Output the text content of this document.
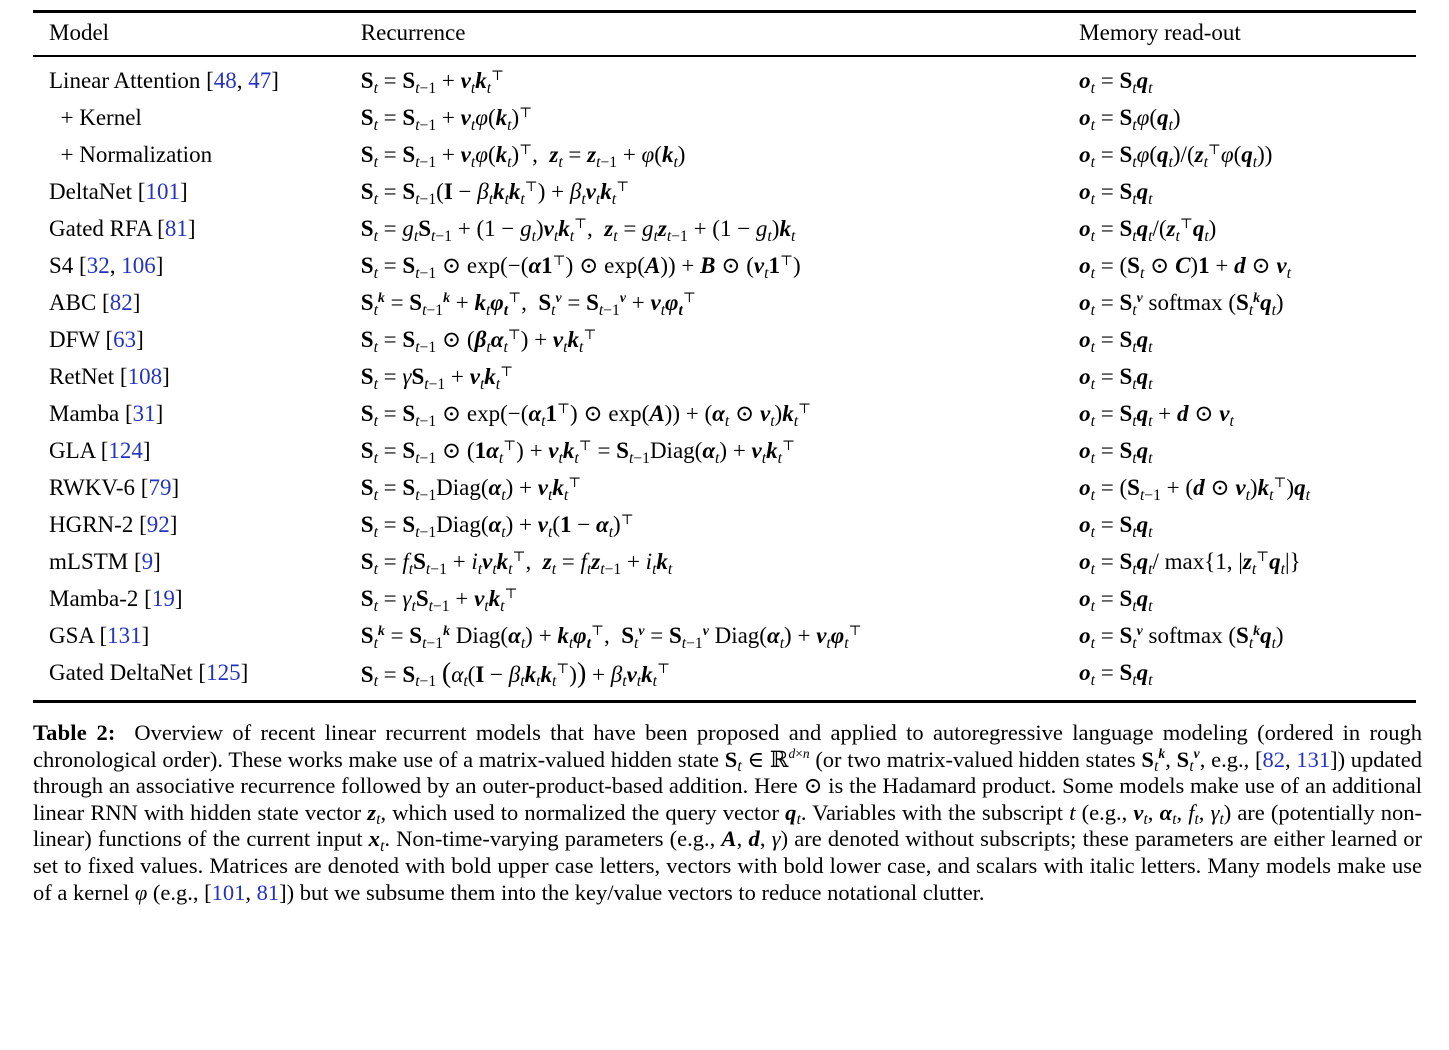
Model	Recurrence	Memory read-out
Linear Attention [48, 47]	$S_t = S_{t-1} + v_tk_t^⊤$	$o_t = S_tq_t$
+ Kernel	$S_t = S_{t-1} + v_t\varphi(k_t)^⊤$	$o_t = S_t\varphi(q_t)$
+ Normalization	$S_t = S_{t-1} + v_t\varphi(k_t)^⊤$,  $z_t = z_{t-1} + \varphi(k_t)$	$o_t = S_t\varphi(q_t)/(z_t^⊤\varphi(q_t))$
DeltaNet [101]	$S_t = S_{t-1}(I - \beta_tk_tk_t^⊤) + \beta_tv_tk_t^⊤$	$o_t = S_tq_t$
Gated RFA [81]	$S_t = g_tS_{t-1} + (1 - g_t)v_tk_t^⊤$,  $z_t = g_tz_{t-1} + (1 - g_t)k_t$	$o_t = S_tq_t/(z_t^⊤q_t)$
S4 [32, 106]	$S_t = S_{t-1}$ ⊙ exp(−(α1⊤) ⊙ exp(A)) + B ⊙ $(v_t1^⊤)$	$o_t = (S_t$ ⊙ C)1 + d ⊙ $v_t$
ABC [82]	$S_t^k = S_{t-1}^k + k_t\varphi_t^⊤$,  $S_t^v = S_{t-1}^v + v_t\varphi_t^⊤$	$o_t = S_t^v$ softmax $(S_t^kq_t)$
DFW [63]	$S_t = S_{t-1}$ ⊙ $(\beta_t\alpha_t^⊤) + v_tk_t^⊤$	$o_t = S_tq_t$
RetNet [108]	$S_t = \gamma S_{t-1} + v_tk_t^⊤$	$o_t = S_tq_t$
Mamba [31]	$S_t = S_{t-1}$ ⊙ $\exp(-(\alpha_t1^⊤)$ ⊙ $\exp(A)) + (\alpha_t$ ⊙ $v_t)k_t^⊤$	$o_t = S_tq_t + d$ ⊙ $v_t$
GLA [124]	$S_t = S_{t-1}$ ⊙ $(1\alpha_t^⊤) + v_tk_t^⊤$ = $S_{t-1}Diag(\alpha_t) + v_tk_t^⊤$	$o_t = S_tq_t$
RWKV-6 [79]	$S_t$ = $S_{t-1}Diag(\alpha_t) + v_tk_t^⊤$	$o_t = (S_{t-1} + (d$ ⊙ $v_t)k_t^⊤)q_t$
HGRN-2 [92]	$S_t$ = $S_{t-1}Diag(\alpha_t) + v_t(1 - \alpha_t)^⊤$	$o_t = S_tq_t$
mLSTM [9]	$S_t = f_tS_{t-1} + i_tv_tk_t^⊤$,  $z_t = f_tz_{t-1} + i_tk_t$	$o_t = S_tq_t/$ max{1, $|z_t^⊤q_t|$}
Mamba-2 [19]	$S_t = \gamma_tS_{t-1} + v_tk_t^⊤$	$o_t = S_tq_t$
GSA [131]	$S_t^k = S_{t-1}^k$ $Diag(\alpha_t) + k_t\varphi_t^⊤$,  $S_t^v = S_{t-1}^v$ $Diag(\alpha_t) + v_t\varphi_t^⊤$	$o_t = S_t^v$ softmax $(S_t^kq_t)$
Gated DeltaNet [125]	$S_t = S_{t-1}$ $(\alpha_t(I - \beta_tk_tk_t^⊤)) + \beta_tv_tk_t^⊤$	$o_t = S_tq_t$

Table 2:  Overview of recent linear recurrent models that have been proposed and applied to autoregressive language modeling (ordered in rough chronological order). These works make use of a matrix-valued hidden state $S_t$ ∈ ℝ$^{d\times n}$ (or two matrix-valued hidden states $S_t^k$, $S_t^v$, e.g., [82, 131]) updated through an associative recurrence followed by an outer-product-based addition. Here ⊙ is the Hadamard product. Some models make use of an additional linear RNN with hidden state vector $z_t$, which used to normalized the query vector $q_t$. Variables with the subscript t (e.g., $v_t$, $\alpha_t$, $f_t$, $\gamma_t$) are (potentially non-linear) functions of the current input $x_t$. Non-time-varying parameters (e.g., A, d, γ) are denoted without subscripts; these parameters are either learned or set to fixed values. Matrices are denoted with bold upper case letters, vectors with bold lower case, and scalars with italic letters. Many models make use of a kernel φ (e.g., [101, 81]) but we subsume them into the key/value vectors to reduce notational clutter.
